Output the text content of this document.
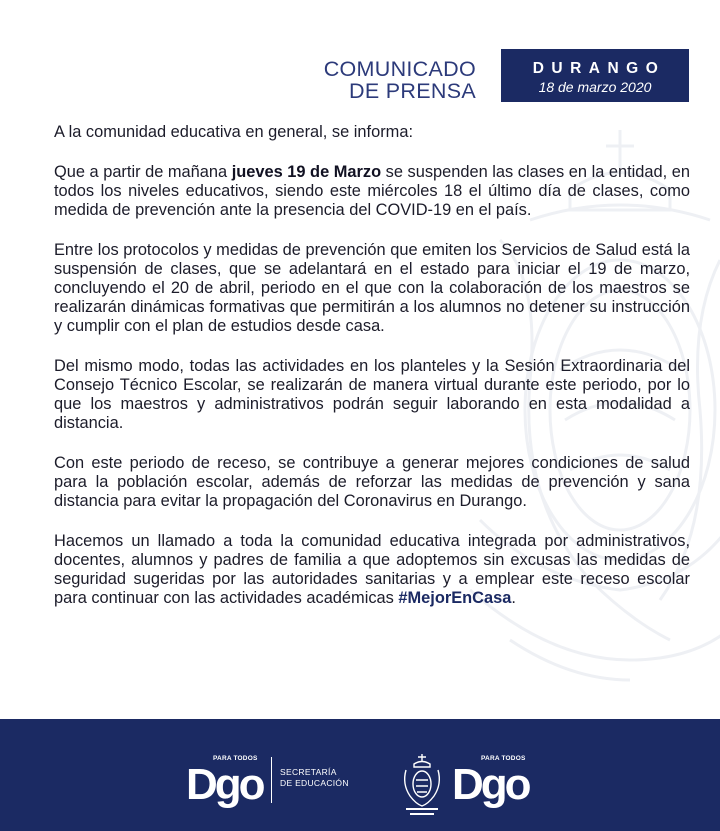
COMUNICADO
DE PRENSA
DURANGO
18 de marzo 2020

A la comunidad educativa en general, se informa:

Que a partir de mañana jueves 19 de Marzo se suspenden las clases en la entidad, en todos los niveles educativos, siendo este miércoles 18 el último día de clases, como medida de prevención ante la presencia del COVID-19 en el país.

Entre los protocolos y medidas de prevención que emiten los Servicios de Salud está la suspensión de clases, que se adelantará en el estado para iniciar el 19 de marzo, concluyendo el 20 de abril, periodo en el que con la colaboración de los maestros se realizarán dinámicas formativas que permitirán a los alumnos no detener su instrucción y cumplir con el plan de estudios desde casa.

Del mismo modo, todas las actividades en los planteles y la Sesión Extraordinaria del Consejo Técnico Escolar, se realizarán de manera virtual durante este periodo, por lo que los maestros y administrativos podrán seguir laborando en esta modalidad a distancia.

Con este periodo de receso, se contribuye a generar mejores condiciones de salud para la población escolar, además de reforzar las medidas de prevención y sana distancia para evitar la propagación del Coronavirus en Durango.

Hacemos un llamado a toda la comunidad educativa integrada por administrativos, docentes, alumnos y padres de familia a que adoptemos sin excusas las medidas de seguridad sugeridas por las autoridades sanitarias y a emplear este receso escolar para continuar con las actividades académicas #MejorEnCasa.

PARA TODOS
Dgo SECRETARÍA
DE EDUCACIÓN
PARA TODOS
Dgo
